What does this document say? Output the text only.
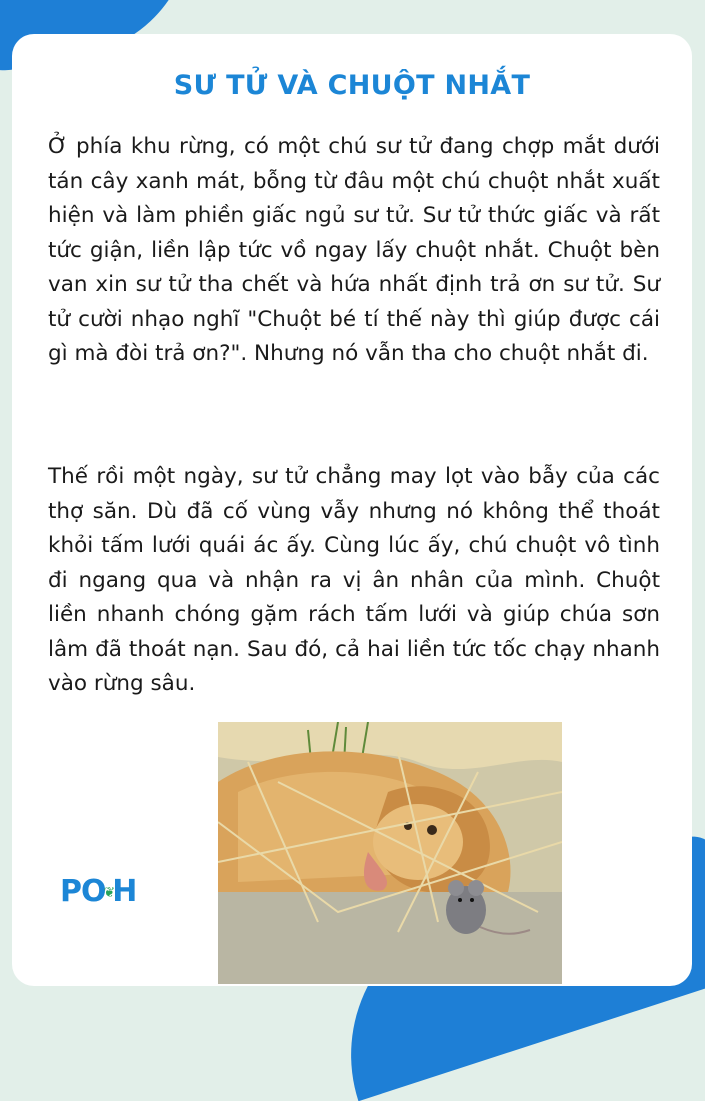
SƯ TỬ VÀ CHUỘT NHẮT

Ở phía khu rừng, có một chú sư tử đang chợp mắt dưới tán cây xanh mát, bỗng từ đâu một chú chuột nhắt xuất hiện và làm phiền giấc ngủ sư tử. Sư tử thức giấc và rất tức giận, liền lập tức vồ ngay lấy chuột nhắt. Chuột bèn van xin sư tử tha chết và hứa nhất định trả ơn sư tử. Sư tử cười nhạo nghĩ "Chuột bé tí thế này thì giúp được cái gì mà đòi trả ơn?". Nhưng nó vẫn tha cho chuột nhắt đi.

Thế rồi một ngày, sư tử chẳng may lọt vào bẫy của các thợ săn. Dù đã cố vùng vẫy nhưng nó không thể thoát khỏi tấm lưới quái ác ấy. Cùng lúc ấy, chú chuột vô tình đi ngang qua và nhận ra vị ân nhân của mình. Chuột liền nhanh chóng gặm rách tấm lưới và giúp chúa sơn lâm đã thoát nạn. Sau đó, cả hai liền tức tốc chạy nhanh vào rừng sâu.

PO❦H
